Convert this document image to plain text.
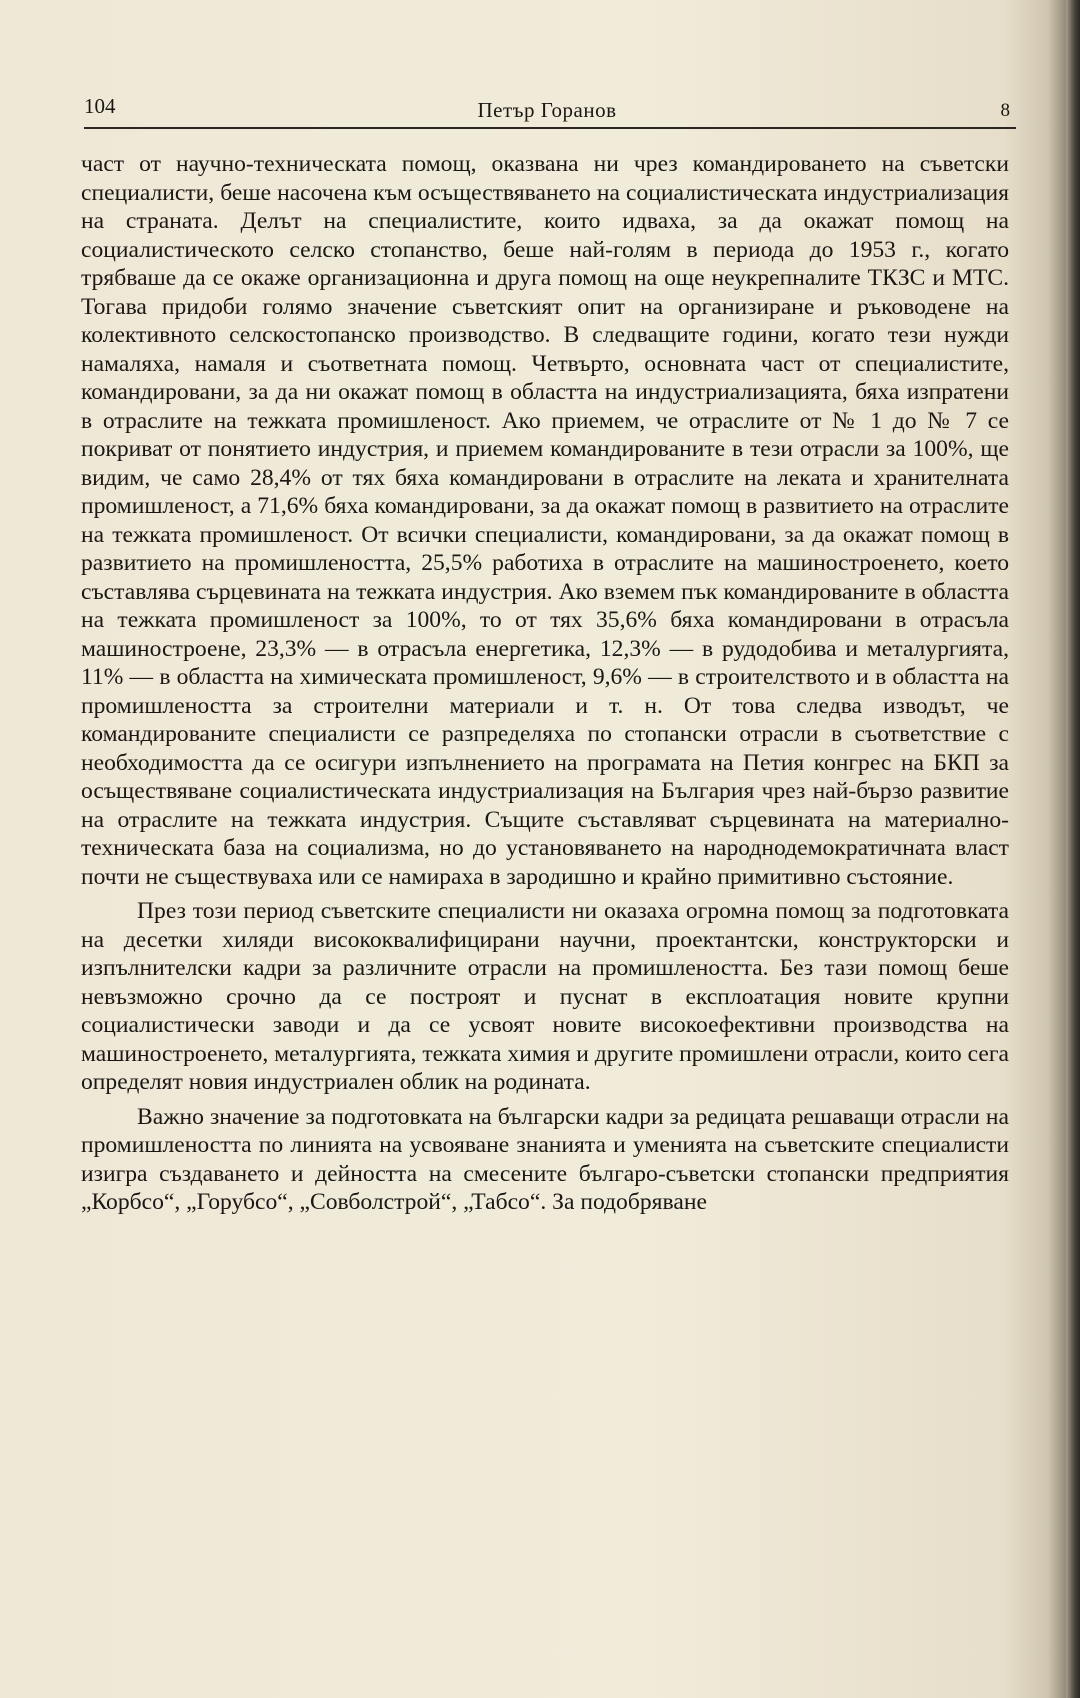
104	Петър Горанов	8

част от научно-техническата помощ, оказвана ни чрез командироването на съветски специалисти, беше насочена към осъществяването на социалистическата индустриализация на страната. Делът на специалистите, които идваха, за да окажат помощ на социалистическото селско стопанство, беше най-голям в периода до 1953 г., когато трябваше да се окаже организационна и друга помощ на още неукрепналите ТКЗС и МТС. Тогава придоби голямо значение съветският опит на организиране и ръководене на колективното селскостопанско производство. В следващите години, когато тези нужди намаляха, намаля и съответната помощ. Четвърто, основната част от специалистите, командировани, за да ни окажат помощ в областта на индустриализацията, бяха изпратени в отраслите на тежката промишленост. Ако приемем, че отраслите от № 1 до № 7 се покриват от понятието индустрия, и приемем командированите в тези отрасли за 100%, ще видим, че само 28,4% от тях бяха командировани в отраслите на леката и хранителната промишленост, а 71,6% бяха командировани, за да окажат помощ в развитието на отраслите на тежката промишленост. От всички специалисти, командировани, за да окажат помощ в развитието на промишлеността, 25,5% работиха в отраслите на машиностроенето, което съставлява сърцевината на тежката индустрия. Ако вземем пък командированите в областта на тежката промишленост за 100%, то от тях 35,6% бяха командировани в отрасъла машиностроене, 23,3% — в отрасъла енергетика, 12,3% — в рудодобива и металургията, 11% — в областта на химическата промишленост, 9,6% — в строителството и в областта на промишлеността за строителни материали и т. н. От това следва изводът, че командированите специалисти се разпределяха по стопански отрасли в съответствие с необходимостта да се осигури изпълнението на програмата на Петия конгрес на БКП за осъществяване социалистическата индустриализация на България чрез най-бързо развитие на отраслите на тежката индустрия. Същите съставляват сърцевината на материално-техническата база на социализма, но до установяването на народнодемократичната власт почти не съществуваха или се намираха в зародишно и крайно примитивно състояние.

През този период съветските специалисти ни оказаха огромна помощ за подготовката на десетки хиляди висококвалифицирани научни, проектантски, конструкторски и изпълнителски кадри за различните отрасли на промишлеността. Без тази помощ беше невъзможно срочно да се построят и пуснат в експлоатация новите крупни социалистически заводи и да се усвоят новите високоефективни производства на машиностроенето, металургията, тежката химия и другите промишлени отрасли, които сега определят новия индустриален облик на родината.

Важно значение за подготовката на български кадри за редицата решаващи отрасли на промишлеността по линията на усвояване знанията и уменията на съветските специалисти изигра създаването и дейността на смесените българо-съветски стопански предприятия „Корбсо“, „Горубсо“, „Совболстрой“, „Табсо“. За подобряване
